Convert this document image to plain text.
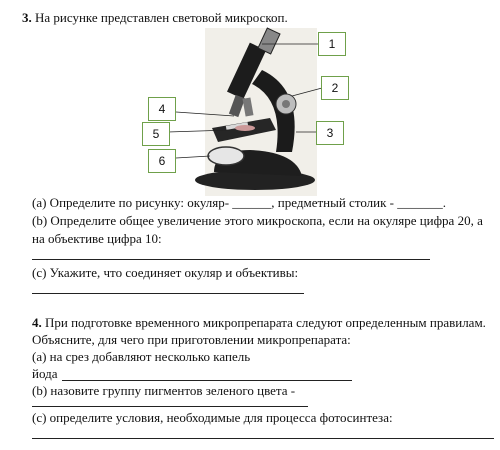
3. На рисунке представлен световой микроскоп.
1
2
3
4
5
6
(a) Определите по рисунку: окуляр- ______, предметный столик - _______.
(b) Определите общее увеличение этого микроскопа, если на окуляре цифра 20, а
на объективе цифра 10:
(c) Укажите, что соединяет окуляр и объективы:
4. При подготовке временного микропрепарата следуют определенным правилам.
Объясните, для чего при приготовлении микропрепарата:
(a) на срез добавляют несколько капель
йода
(b) назовите группу пигментов зеленого цвета -
(c) определите условия, необходимые для процесса фотосинтеза:
